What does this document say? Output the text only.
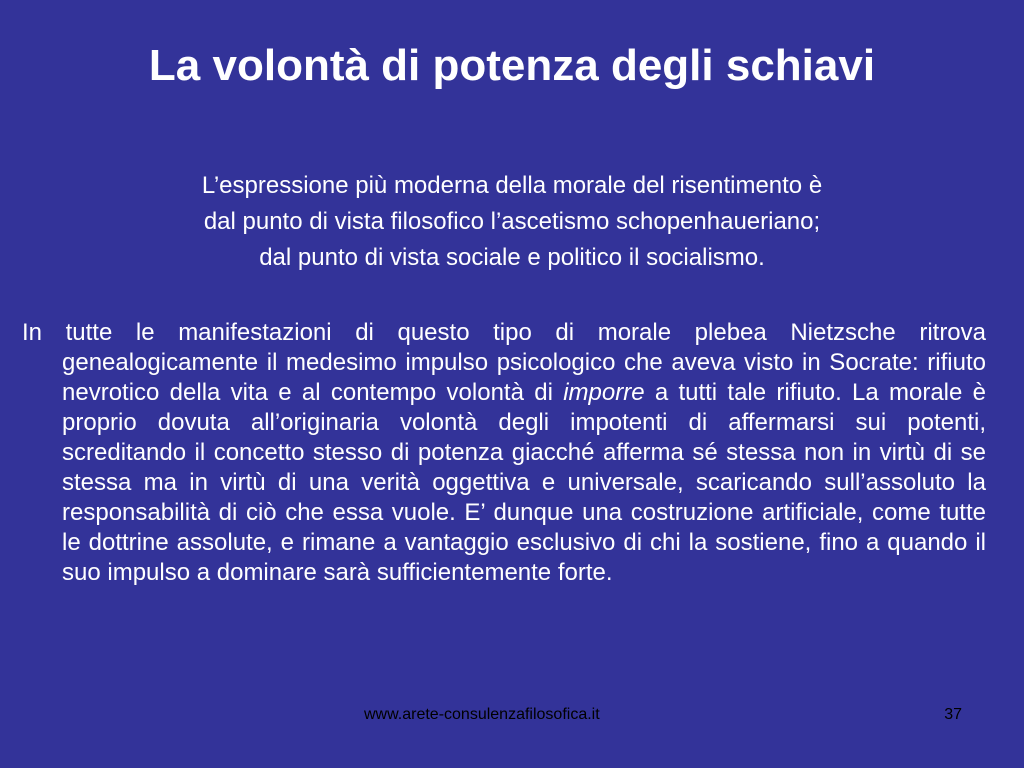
La volontà di potenza degli schiavi
L’espressione più moderna della morale del risentimento è
dal punto di vista filosofico l’ascetismo schopenhaueriano;
dal punto di vista sociale e politico il socialismo.

In tutte le manifestazioni di questo tipo di morale plebea Nietzsche ritrova genealogicamente il medesimo impulso psicologico che aveva visto in Socrate: rifiuto nevrotico della vita e al contempo volontà di imporre a tutti tale rifiuto. La morale è proprio dovuta all’originaria volontà degli impotenti di affermarsi sui potenti, screditando il concetto stesso di potenza giacché afferma sé stessa non in virtù di se stessa ma in virtù di una verità oggettiva e universale, scaricando sull’assoluto la responsabilità di ciò che essa vuole. E’ dunque una costruzione artificiale, come tutte le dottrine assolute, e rimane a vantaggio esclusivo di chi la sostiene, fino a quando il suo impulso a dominare sarà sufficientemente forte.

www.arete-consulenzafilosofica.it	37
